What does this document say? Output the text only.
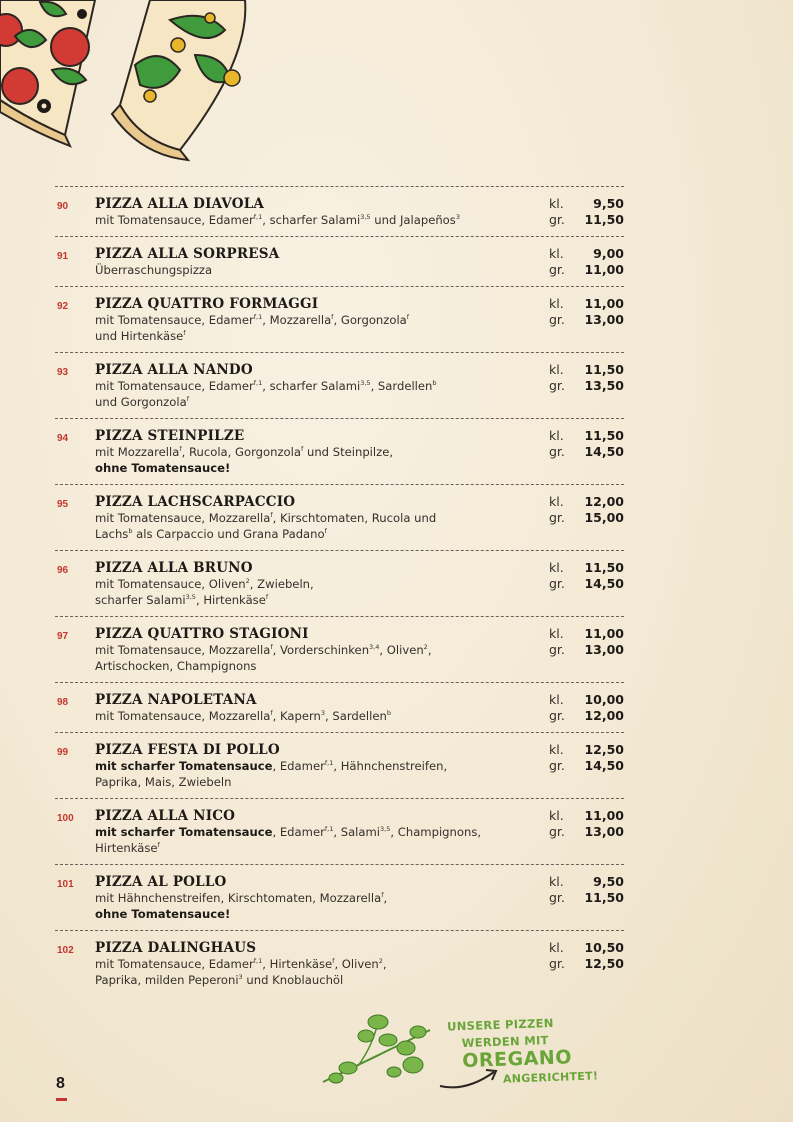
90	PIZZA ALLA DIAVOLA
mit Tomatensauce, Edamer$^{f,1}$, scharfer Salami$^{3,5}$ und Jalapeños$^3$
kl. 9,50
gr. 11,50
91	PIZZA ALLA SORPRESA
Überraschungspizza
kl. 9,00
gr. 11,00
92	PIZZA QUATTRO FORMAGGI
mit Tomatensauce, Edamer$^{f,1}$, Mozzarella$^f$, Gorgonzola$^f$
und Hirtenkäse$^f$
kl. 11,00
gr. 13,00
93	PIZZA ALLA NANDO
mit Tomatensauce, Edamer$^{f,1}$, scharfer Salami$^{3,5}$, Sardellen$^b$
und Gorgonzola$^f$
kl. 11,50
gr. 13,50
94	PIZZA STEINPILZE
mit Mozzarella$^f$, Rucola, Gorgonzola$^f$ und Steinpilze,
ohne Tomatensauce!
kl. 11,50
gr. 14,50
95	PIZZA LACHSCARPACCIO
mit Tomatensauce, Mozzarella$^f$, Kirschtomaten, Rucola und
Lachs$^b$ als Carpaccio und Grana Padano$^f$
kl. 12,00
gr. 15,00
96	PIZZA ALLA BRUNO
mit Tomatensauce, Oliven$^2$, Zwiebeln,
scharfer Salami$^{3,5}$, Hirtenkäse$^f$
kl. 11,50
gr. 14,50
97	PIZZA QUATTRO STAGIONI
mit Tomatensauce, Mozzarella$^f$, Vorderschinken$^{3,4}$, Oliven$^2$,
Artischocken, Champignons
kl. 11,00
gr. 13,00
98	PIZZA NAPOLETANA
mit Tomatensauce, Mozzarella$^f$, Kapern$^3$, Sardellen$^b$
kl. 10,00
gr. 12,00
99	PIZZA FESTA DI POLLO
mit scharfer Tomatensauce, Edamer$^{f,1}$, Hähnchenstreifen,
Paprika, Mais, Zwiebeln
kl. 12,50
gr. 14,50
100	PIZZA ALLA NICO
mit scharfer Tomatensauce, Edamer$^{f,1}$, Salami$^{3,5}$, Champignons,
Hirtenkäse$^f$
kl. 11,00
gr. 13,00
101	PIZZA AL POLLO
mit Hähnchenstreifen, Kirschtomaten, Mozzarella$^f$,
ohne Tomatensauce!
kl. 9,50
gr. 11,50
102	PIZZA DALINGHAUS
mit Tomatensauce, Edamer$^{f,1}$, Hirtenkäse$^f$, Oliven$^2$,
Paprika, milden Peperoni$^3$ und Knoblauchöl
kl. 10,50
gr. 12,50
8
UNSERE PIZZEN
WERDEN MIT OREGANO
ANGERICHTET!
